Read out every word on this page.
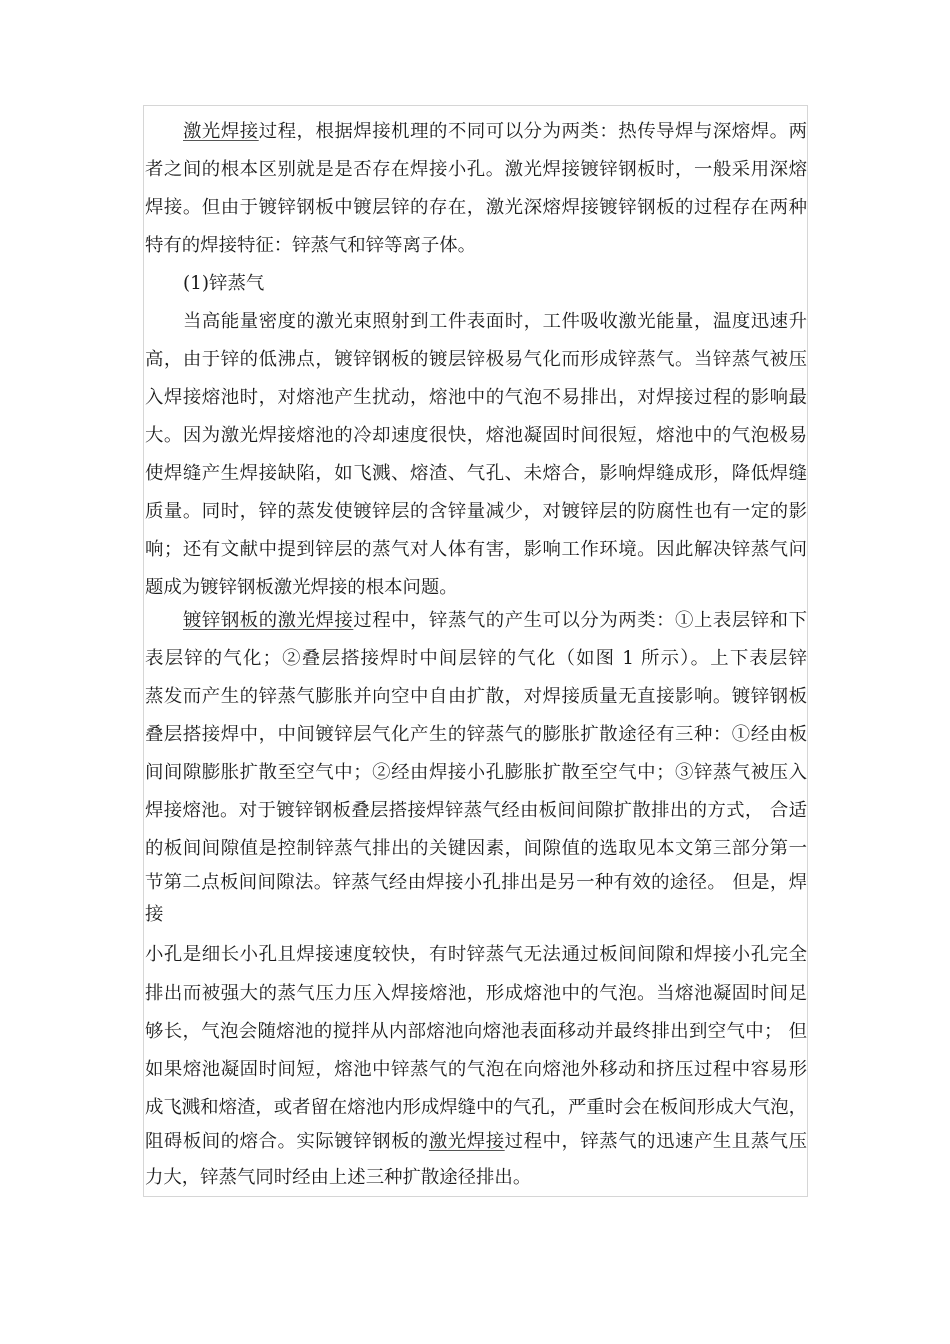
激光焊接过程，根据焊接机理的不同可以分为两类：热传导焊与深熔焊。两
者之间的根本区别就是是否存在焊接小孔。激光焊接镀锌钢板时，一般采用深熔
焊接。但由于镀锌钢板中镀层锌的存在，激光深熔焊接镀锌钢板的过程存在两种
特有的焊接特征：锌蒸气和锌等离子体。
(1)锌蒸气
当高能量密度的激光束照射到工件表面时，工件吸收激光能量，温度迅速升
高，由于锌的低沸点，镀锌钢板的镀层锌极易气化而形成锌蒸气。当锌蒸气被压
入焊接熔池时，对熔池产生扰动，熔池中的气泡不易排出，对焊接过程的影响最
大。因为激光焊接熔池的冷却速度很快，熔池凝固时间很短，熔池中的气泡极易
使焊缝产生焊接缺陷，如飞溅、熔渣、气孔、未熔合，影响焊缝成形，降低焊缝
质量。同时，锌的蒸发使镀锌层的含锌量减少，对镀锌层的防腐性也有一定的影
响；还有文献中提到锌层的蒸气对人体有害，影响工作环境。因此解决锌蒸气问
题成为镀锌钢板激光焊接的根本问题。
镀锌钢板的激光焊接过程中，锌蒸气的产生可以分为两类：①上表层锌和下
表层锌的气化；②叠层搭接焊时中间层锌的气化（如图 1 所示）。上下表层锌
蒸发而产生的锌蒸气膨胀并向空中自由扩散，对焊接质量无直接影响。镀锌钢板
叠层搭接焊中，中间镀锌层气化产生的锌蒸气的膨胀扩散途径有三种：①经由板
间间隙膨胀扩散至空气中；②经由焊接小孔膨胀扩散至空气中；③锌蒸气被压入
焊接熔池。对于镀锌钢板叠层搭接焊锌蒸气经由板间间隙扩散排出的方式， 合适
的板间间隙值是控制锌蒸气排出的关键因素，间隙值的选取见本文第三部分第一
节第二点板间间隙法。锌蒸气经由焊接小孔排出是另一种有效的途径。 但是，焊
接
小孔是细长小孔且焊接速度较快，有时锌蒸气无法通过板间间隙和焊接小孔完全
排出而被强大的蒸气压力压入焊接熔池，形成熔池中的气泡。当熔池凝固时间足
够长，气泡会随熔池的搅拌从内部熔池向熔池表面移动并最终排出到空气中； 但
如果熔池凝固时间短，熔池中锌蒸气的气泡在向熔池外移动和挤压过程中容易形
成飞溅和熔渣，或者留在熔池内形成焊缝中的气孔，严重时会在板间形成大气泡，
阻碍板间的熔合。实际镀锌钢板的激光焊接过程中，锌蒸气的迅速产生且蒸气压
力大，锌蒸气同时经由上述三种扩散途径排出。
